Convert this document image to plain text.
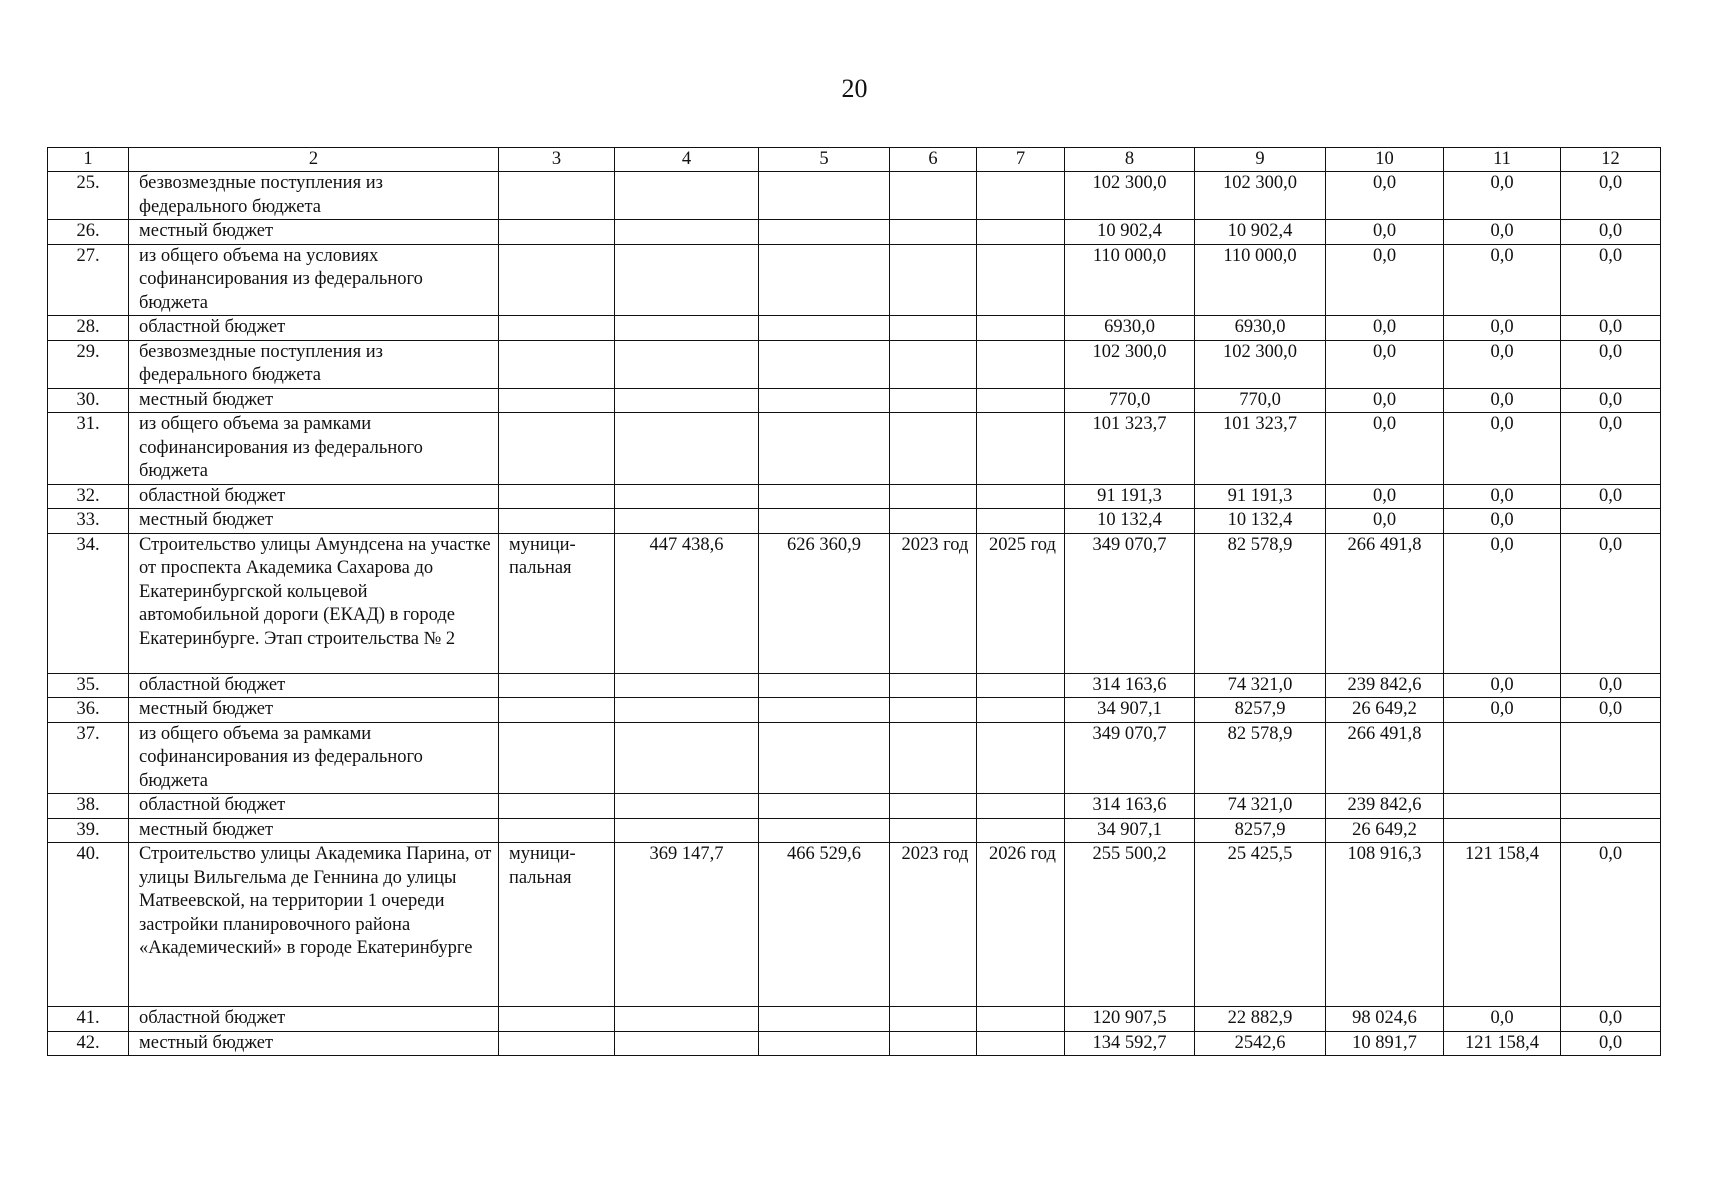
20
1	2	3	4	5	6	7	8	9	10	11	12
25.	безвозмездные поступления из федерального бюджета						102 300,0	102 300,0	0,0	0,0	0,0
26.	местный бюджет						10 902,4	10 902,4	0,0	0,0	0,0
27.	из общего объема на условиях софинансирования из федерального бюджета						110 000,0	110 000,0	0,0	0,0	0,0
28.	областной бюджет						6930,0	6930,0	0,0	0,0	0,0
29.	безвозмездные поступления из федерального бюджета						102 300,0	102 300,0	0,0	0,0	0,0
30.	местный бюджет						770,0	770,0	0,0	0,0	0,0
31.	из общего объема за рамками софинансирования из федерального бюджета						101 323,7	101 323,7	0,0	0,0	0,0
32.	областной бюджет						91 191,3	91 191,3	0,0	0,0	0,0
33.	местный бюджет						10 132,4	10 132,4	0,0	0,0	
34.	Строительство улицы Амундсена на участке от проспекта Академика Сахарова до Екатеринбургской кольцевой автомобильной дороги (ЕКАД) в городе Екатеринбурге. Этап строительства № 2	муници- пальная	447 438,6	626 360,9	2023 год	2025 год	349 070,7	82 578,9	266 491,8	0,0	0,0
35.	областной бюджет						314 163,6	74 321,0	239 842,6	0,0	0,0
36.	местный бюджет						34 907,1	8257,9	26 649,2	0,0	0,0
37.	из общего объема за рамками софинансирования из федерального бюджета						349 070,7	82 578,9	266 491,8		
38.	областной бюджет						314 163,6	74 321,0	239 842,6		
39.	местный бюджет						34 907,1	8257,9	26 649,2		
40.	Строительство улицы Академика Парина, от улицы Вильгельма де Геннина до улицы Матвеевской, на территории 1 очереди застройки планировочного района «Академический» в городе Екатеринбурге	муници- пальная	369 147,7	466 529,6	2023 год	2026 год	255 500,2	25 425,5	108 916,3	121 158,4	0,0
41.	областной бюджет						120 907,5	22 882,9	98 024,6	0,0	0,0
42.	местный бюджет						134 592,7	2542,6	10 891,7	121 158,4	0,0
